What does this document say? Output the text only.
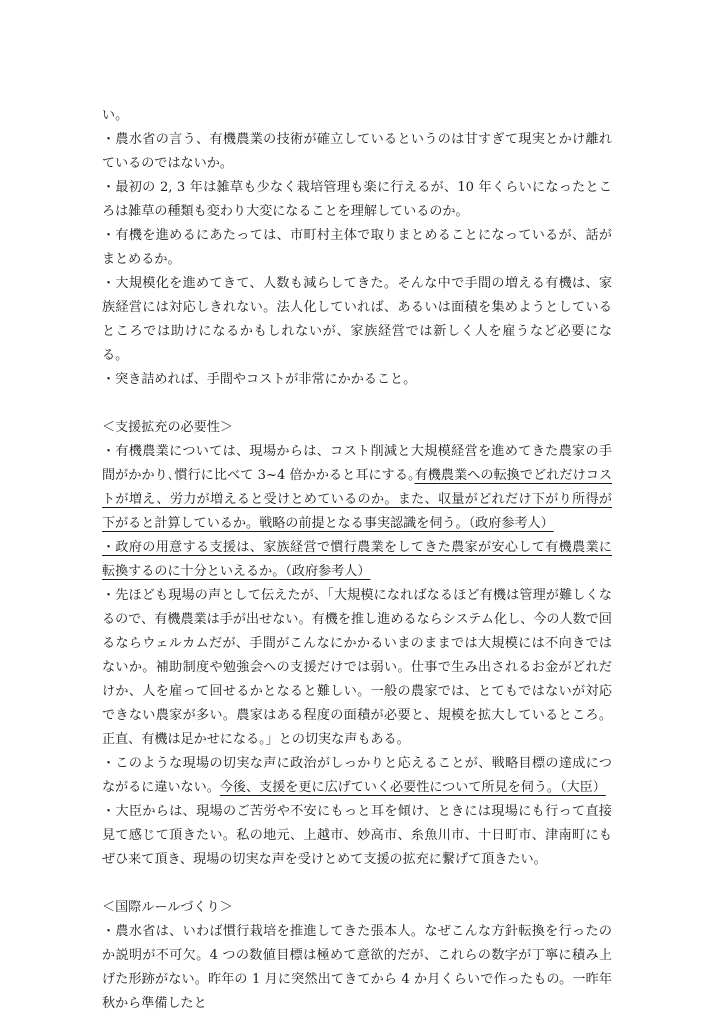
い。

・農水省の言う、有機農業の技術が確立しているというのは甘すぎて現実とかけ離れているのではないか。

・最初の 2, 3 年は雑草も少なく栽培管理も楽に行えるが、10 年くらいになったところは雑草の種類も変わり大変になることを理解しているのか。

・有機を進めるにあたっては、市町村主体で取りまとめることになっているが、話がまとめるか。

・大規模化を進めてきて、人数も減らしてきた。そんな中で手間の増える有機は、家族経営には対応しきれない。法人化していれば、あるいは面積を集めようとしているところでは助けになるかもしれないが、家族経営では新しく人を雇うなど必要になる。

・突き詰めれば、手間やコストが非常にかかること。

＜支援拡充の必要性＞

・有機農業については、現場からは、コスト削減と大規模経営を進めてきた農家の手間がかかり､慣行に比べて 3~4 倍かかると耳にする｡有機農業への転換でどれだけコストが増え、労力が増えると受けとめているのか。また、収量がどれだけ下がり所得が下がると計算しているか。戦略の前提となる事実認識を伺う。（政府参考人）

・政府の用意する支援は、家族経営で慣行農業をしてきた農家が安心して有機農業に転換するのに十分といえるか。（政府参考人）

・先ほども現場の声として伝えたが、「大規模になればなるほど有機は管理が難しくなるので、有機農業は手が出せない。有機を推し進めるならシステム化し、今の人数で回るならウェルカムだが、手間がこんなにかかるいまのままでは大規模には不向きではないか。補助制度や勉強会への支援だけでは弱い。仕事で生み出されるお金がどれだけか、人を雇って回せるかとなると難しい。一般の農家では、とてもではないが対応できない農家が多い。農家はある程度の面積が必要と、規模を拡大しているところ。正直、有機は足かせになる。」との切実な声もある。

・このような現場の切実な声に政治がしっかりと応えることが、戦略目標の達成につながるに違いない。今後、支援を更に広げていく必要性について所見を伺う。（大臣）

・大臣からは、現場のご苦労や不安にもっと耳を傾け、ときには現場にも行って直接見て感じて頂きたい。私の地元、上越市、妙高市、糸魚川市、十日町市、津南町にもぜひ来て頂き、現場の切実な声を受けとめて支援の拡充に繋げて頂きたい。

＜国際ルールづくり＞

・農水省は、いわば慣行栽培を推進してきた張本人。なぜこんな方針転換を行ったのか説明が不可欠。4 つの数値目標は極めて意欲的だが、これらの数字が丁寧に積み上げた形跡がない。昨年の 1 月に突然出てきてから 4 か月くらいで作ったもの。一昨年秋から準備したと
